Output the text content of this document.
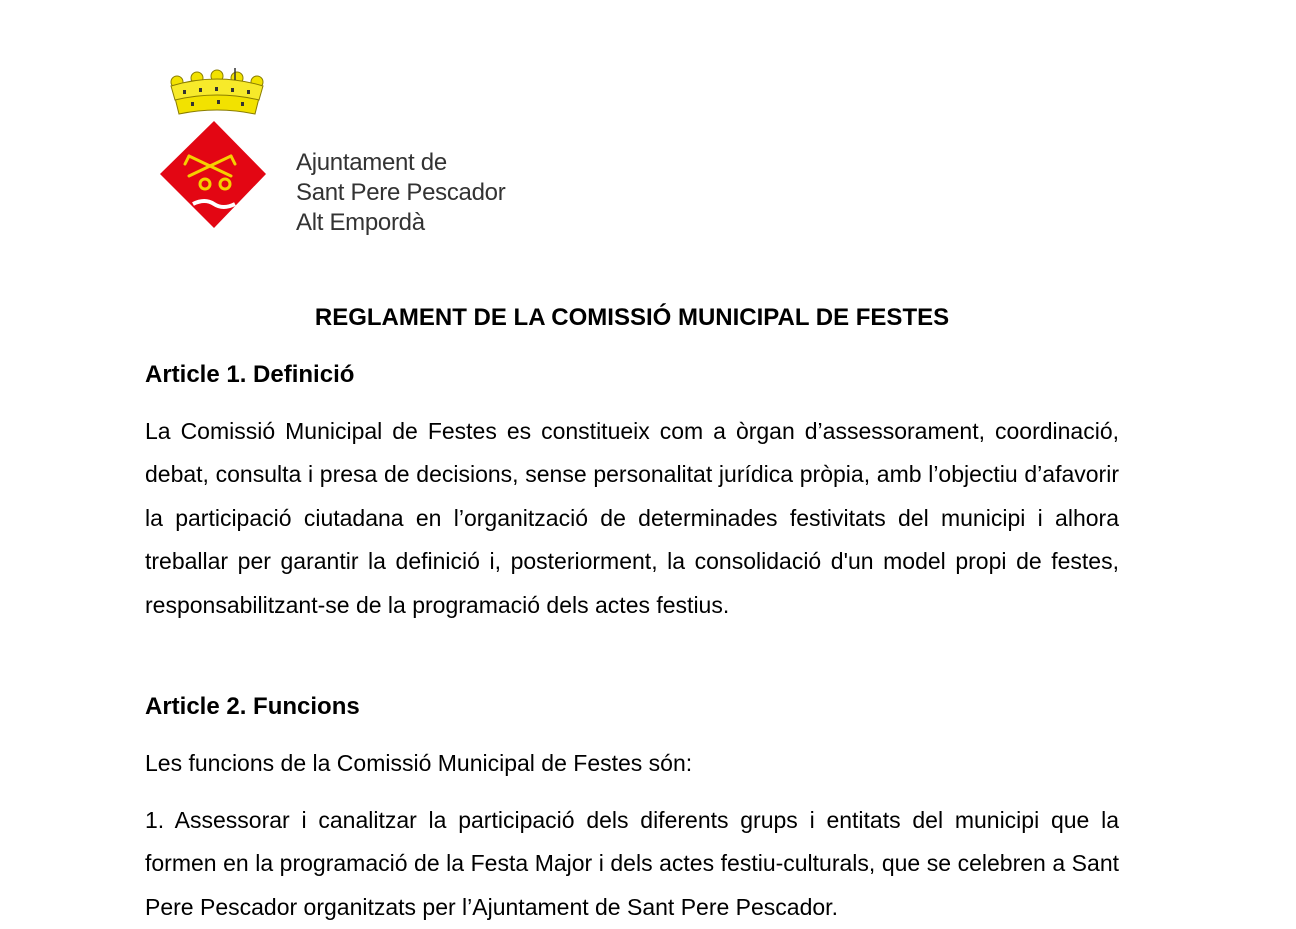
Ajuntament de
Sant Pere Pescador
Alt Empordà
REGLAMENT DE LA COMISSIÓ MUNICIPAL DE FESTES
Article 1. Definició
La Comissió Municipal de Festes es constitueix com a òrgan d’assessorament, coordinació, debat, consulta i presa de decisions, sense personalitat jurídica pròpia, amb l’objectiu d’afavorir la participació ciutadana en l’organització de determinades festivitats del municipi i alhora treballar per garantir la definició i, posteriorment, la consolidació d'un model propi de festes, responsabilitzant-se de la programació dels actes festius.
Article 2. Funcions
Les funcions de la Comissió Municipal de Festes són:
1. Assessorar i canalitzar la participació dels diferents grups i entitats del municipi que la formen en la programació de la Festa Major i dels actes festiu-culturals, que se celebren a Sant Pere Pescador organitzats per l’Ajuntament de Sant Pere Pescador.
